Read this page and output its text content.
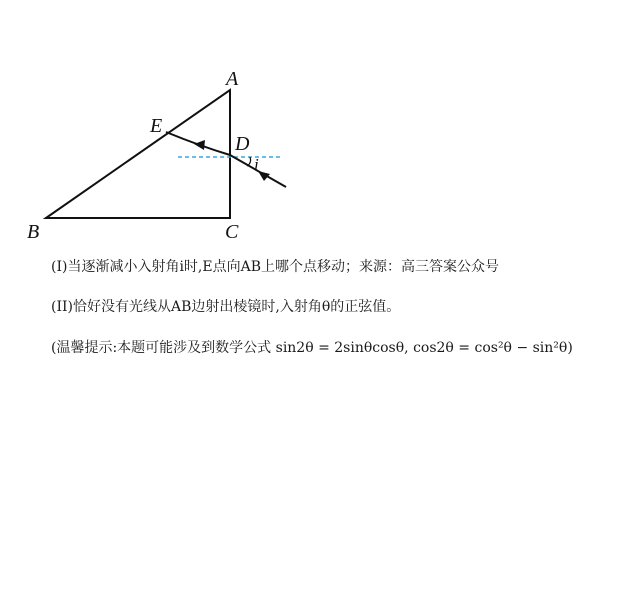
A
B	C
D
E
i
(I)当逐渐减小入射角i时,E点向AB上哪个点移动；来源：高三答案公众号
(II)恰好没有光线从AB边射出棱镜时,入射角θ的正弦值。
(温馨提示:本题可能涉及到数学公式 sin2θ = 2sinθcosθ, cos2θ = cos²θ − sin²θ)
